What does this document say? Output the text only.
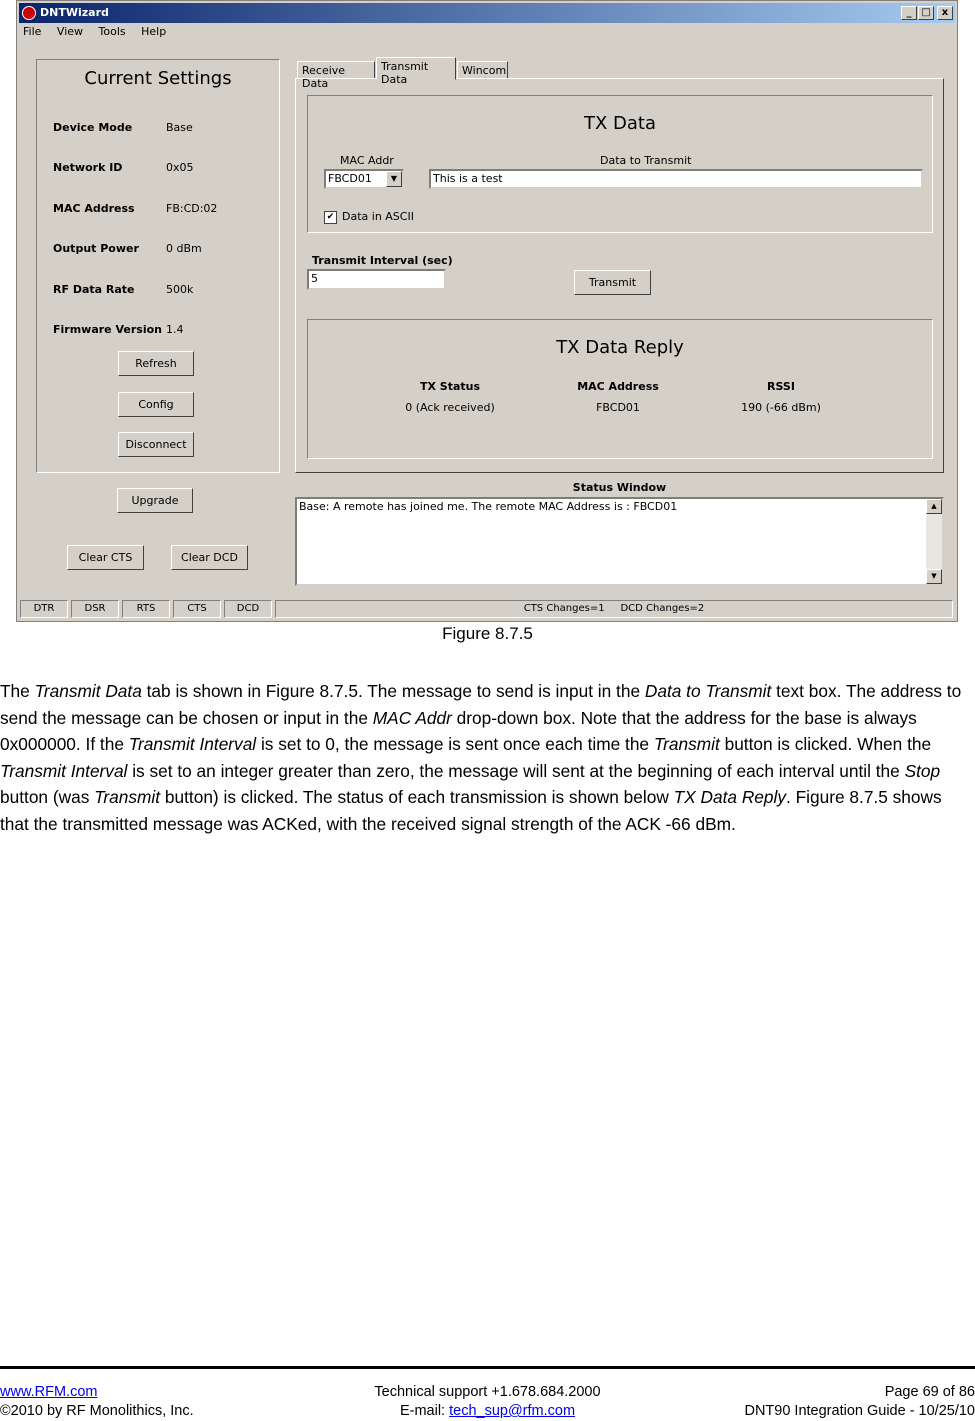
DNTWizard	_ □	x
File View Tools Help
Current Settings
Device Mode	Base
Network ID	0x05
MAC Address	FB:CD:02
Output Power 0 dBm
RF Data Rate	500k
Firmware Version 1.4
Refresh
Config
Disconnect
Upgrade
Clear CTS	Clear DCD
Receive Data
Transmit Data
Wincom
TX Data
MAC Addr
FBCD01	▼
Data to Transmit
This is a test
✔ Data in ASCII
Transmit Interval (sec)
5	Transmit
TX Data Reply
TX Status	MAC Address	RSSI
0 (Ack received)	FBCD01	190 (-66 dBm)
Status Window
Base: A remote has joined me. The remote MAC Address is : FBCD01	▲
▼
DTR	DSR	RTS	CTS	DCD	CTS Changes=1     DCD Changes=2
Figure 8.7.5
The Transmit Data tab is shown in Figure 8.7.5. The message to send is input in the Data to Transmit text box. The address to send the message can be chosen or input in the MAC Addr drop-down box. Note that the address for the base is always 0x000000. If the Transmit Interval is set to 0, the message is sent once each time the Transmit button is clicked. When the Transmit Interval is set to an integer greater than zero, the message will sent at the beginning of each interval until the Stop button (was Transmit button) is clicked. The status of each transmission is shown below TX Data Reply. Figure 8.7.5 shows that the transmitted message was ACKed, with the received signal strength of the ACK -66 dBm.
www.RFM.com
©2010 by RF Monolithics, Inc.
Technical support +1.678.684.2000
E-mail: tech_sup@rfm.com
Page 69 of 86
DNT90 Integration Guide - 10/25/10
